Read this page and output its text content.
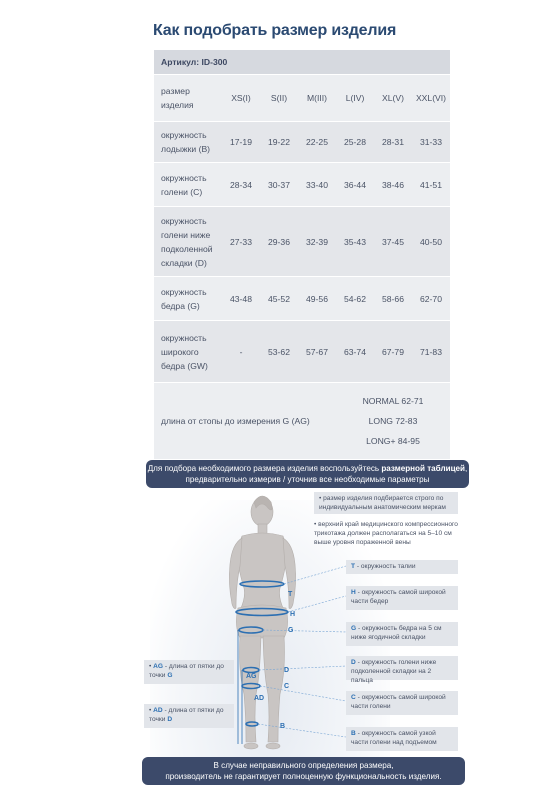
Как подобрать размер изделия
Артикул: ID-300						
размер изделия	XS(I)	S(II)	M(III)	L(IV)	XL(V)	XXL(VI)
окружность лодыжки (B)	17-19	19-22	22-25	25-28	28-31	31-33
окружность голени (C)	28-34	30-37	33-40	36-44	38-46	41-51
окружность голени ниже подколенной складки (D)	27-33	29-36	32-39	35-43	37-45	40-50
окружность бедра (G)	43-48	45-52	49-56	54-62	58-66	62-70
окружность широкого бедра (GW)	-	53-62	57-67	63-74	67-79	71-83
длина от стопы до измерения G (AG)				NORMAL 62-71
LONG 72-83
LONG+ 84-95		
Для подбора необходимого размера изделия воспользуйтесь размерной таблицей, предварительно измерив / уточнив все необходимые параметры
T
H
G
D
C
B
AG
AD
• размер изделия подбирается строго по индивидуальным анатомическим меркам
• верхний край медицинского компрессионного трикотажа должен располагаться на 5–10 см выше уровня пораженной вены
T - окружность талии
H - окружность самой широкой части бедер
G - окружность бедра на 5 см ниже ягодичной складки
D - окружность голени ниже подколенной складки на 2 пальца
C - окружность самой широкой части голени
B - окружность самой узкой части голени над подъемом
• AG - длина от пятки до точки G
• AD - длина от пятки до точки D
В случае неправильного определения размера,
производитель не гарантирует полноценную функциональность изделия.
